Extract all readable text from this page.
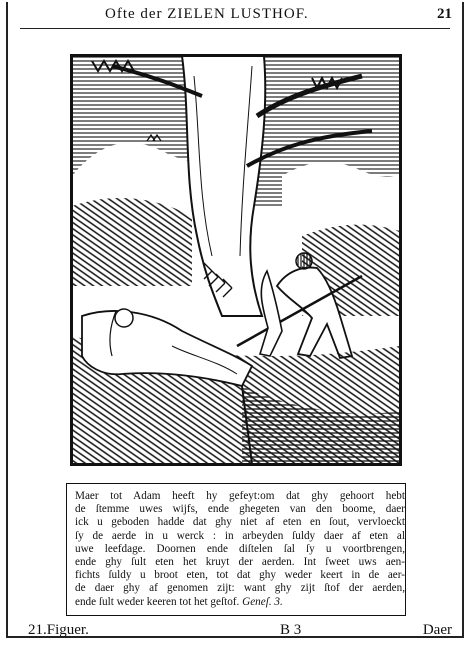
Ofte der ZIELEN LUSTHOF.	21
Maer tot Adam heeft hy gefeyt:om dat ghy gehoort hebt
de ſtemme uwes wijfs, ende ghegeten van den boome, daer
ick u geboden hadde dat ghy niet af eten en ſout, vervloeckt
ſy de aerde in u werck : in arbeyden ſuldy daer af eten al
uwe leefdage. Doornen ende diſtelen ſal ſy u voortbrengen,
ende ghy ſult eten het kruyt der aerden. Int ſweet uws aen-
fichts ſuldy u broot eten, tot dat ghy weder keert in de aer-
de daer ghy af genomen zijt: want ghy zijt ſtof der aerden,
ende ſult weder keeren tot het geſtof. Geneſ. 3.
21.Figuer.	B 3	Daer
